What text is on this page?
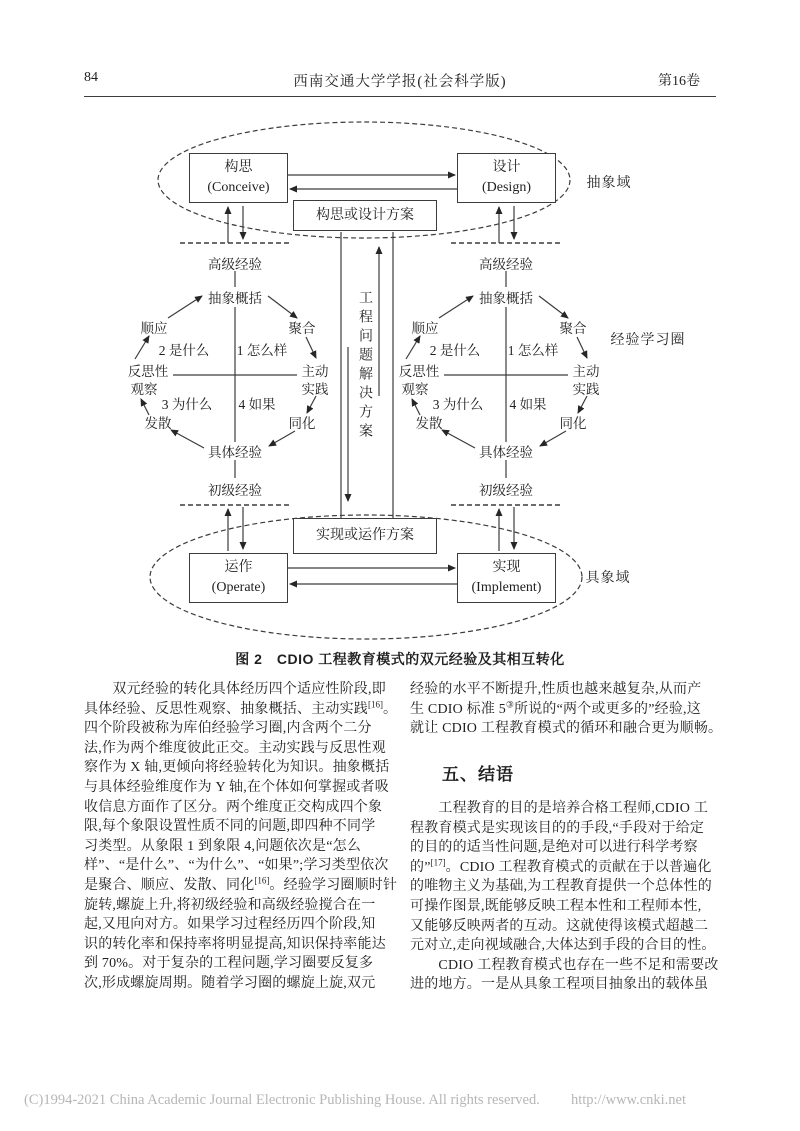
84	西南交通大学学报(社会科学版)	第16卷
构思
(Conceive)
设计
(Design)
构思或设计方案
实现或运作方案
运作
(Operate)
实现
(Implement)
工程问题解决方案
抽象域
经验学习圈
具象域
高级经验
抽象概括
顺应	聚合
2 是什么 1 怎么样
反思性
观察
主动
实践
3 为什么 4 如果
发散	同化
具体经验
初级经验
高级经验
抽象概括
顺应	聚合
2 是什么 1 怎么样
反思性
观察
主动
实践
3 为什么 4 如果
发散	同化
具体经验
初级经验
图 2　CDIO 工程教育模式的双元经验及其相互转化
　　双元经验的转化具体经历四个适应性阶段,即
具体经验、反思性观察、抽象概括、主动实践[16]。
四个阶段被称为库伯经验学习圈,内含两个二分
法,作为两个维度彼此正交。主动实践与反思性观
察作为 X 轴,更倾向将经验转化为知识。抽象概括
与具体经验维度作为 Y 轴,在个体如何掌握或者吸
收信息方面作了区分。两个维度正交构成四个象
限,每个象限设置性质不同的问题,即四种不同学
习类型。从象限 1 到象限 4,问题依次是“怎么
样”、“是什么”、“为什么”、“如果”;学习类型依次
是聚合、顺应、发散、同化[16]。经验学习圈顺时针
旋转,螺旋上升,将初级经验和高级经验搅合在一
起,又甩向对方。如果学习过程经历四个阶段,知
识的转化率和保持率将明显提高,知识保持率能达
到 70%。对于复杂的工程问题,学习圈要反复多
次,形成螺旋周期。随着学习圈的螺旋上旋,双元
经验的水平不断提升,性质也越来越复杂,从而产
生 CDIO 标准 5③所说的“两个或更多的”经验,这
就让 CDIO 工程教育模式的循环和融合更为顺畅。
五、结语
　　工程教育的目的是培养合格工程师,CDIO 工
程教育模式是实现该目的的手段,“手段对于给定
的目的的适当性问题,是绝对可以进行科学考察
的”[17]。CDIO 工程教育模式的贡献在于以普遍化
的唯物主义为基础,为工程教育提供一个总体性的
可操作图景,既能够反映工程本性和工程师本性,
又能够反映两者的互动。这就使得该模式超越二
元对立,走向视域融合,大体达到手段的合目的性。
　　CDIO 工程教育模式也存在一些不足和需要改
进的地方。一是从具象工程项目抽象出的载体虽
(C)1994-2021 China Academic Journal Electronic Publishing House. All rights reserved. http://www.cnki.net
